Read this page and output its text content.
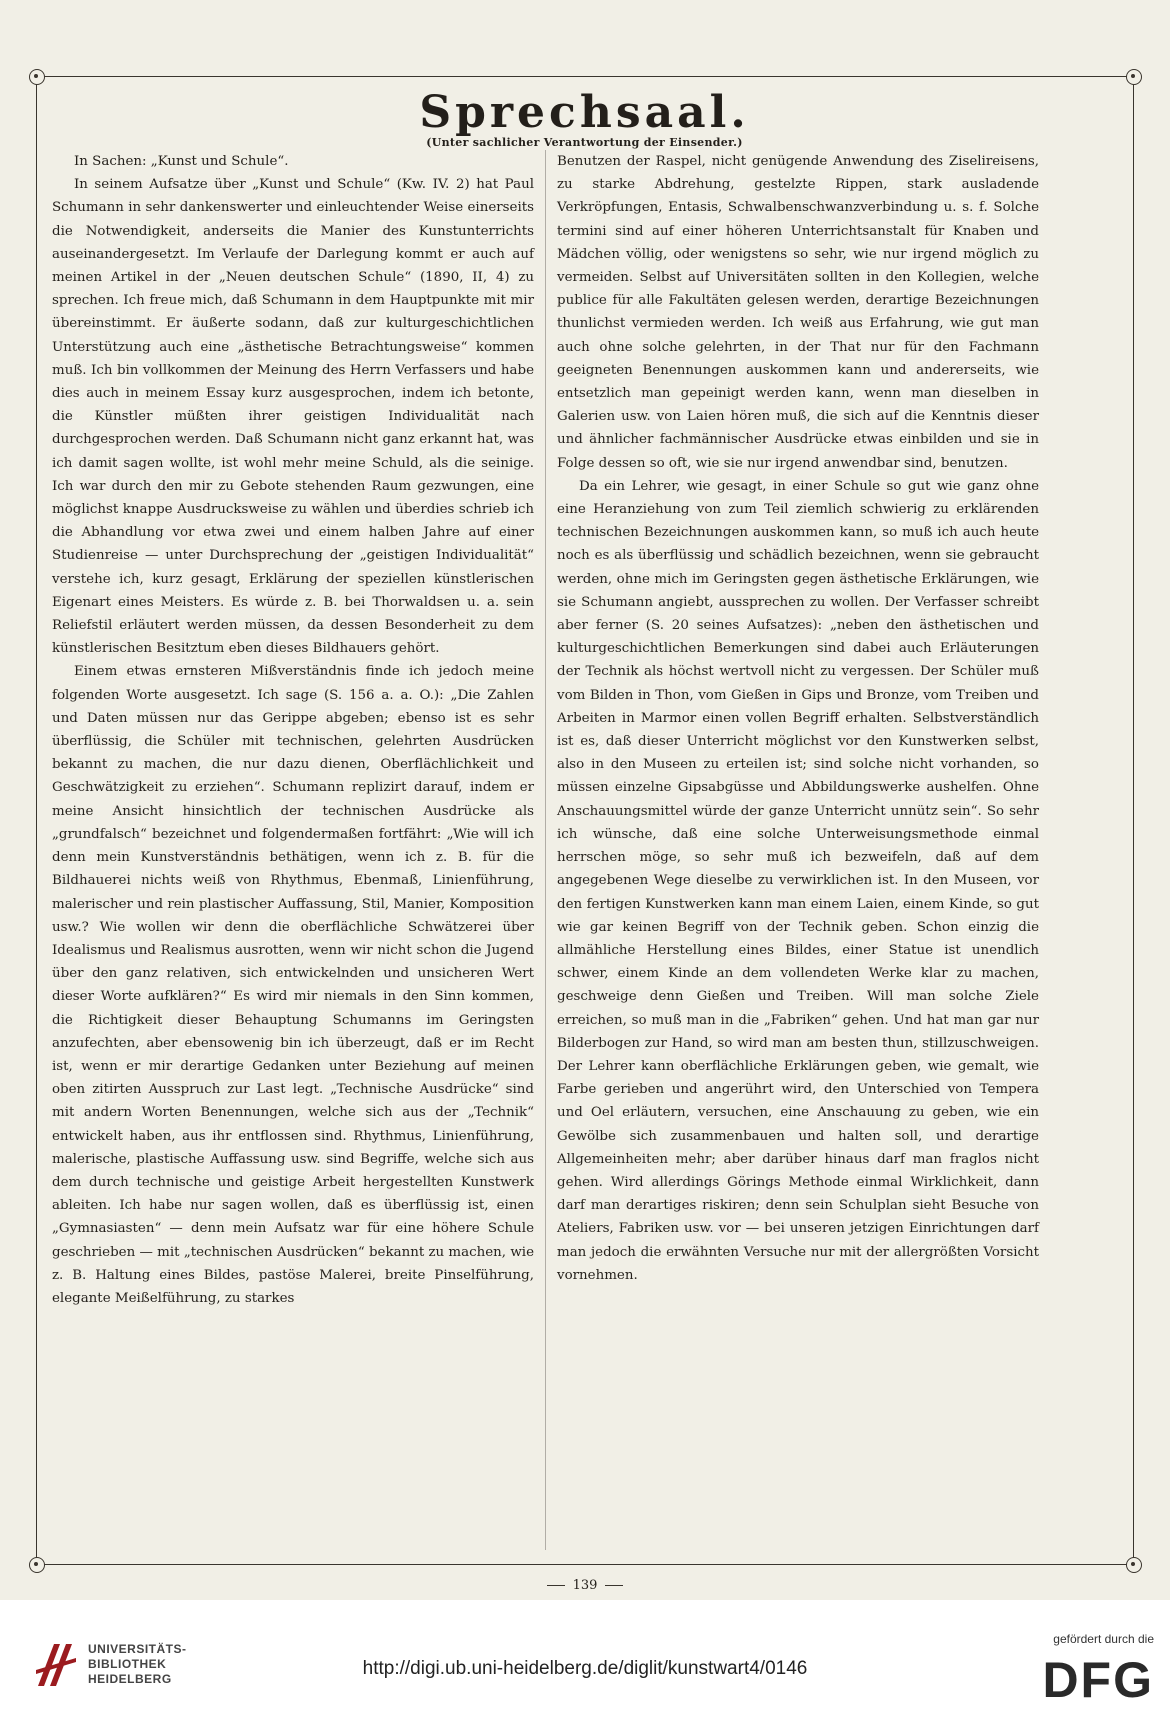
Sprechsaal.
(Unter sachlicher Verantwortung der Einsender.)

In Sachen: „Kunst und Schule“.

In seinem Aufsatze über „Kunst und Schule“ (Kw. IV. 2) hat Paul Schumann in sehr dankenswerter und einleuchtender Weise einerseits die Notwendigkeit, anderseits die Manier des Kunstunterrichts auseinandergesetzt. Im Verlaufe der Darlegung kommt er auch auf meinen Artikel in der „Neuen deutschen Schule“ (1890, II, 4) zu sprechen. Ich freue mich, daß Schumann in dem Hauptpunkte mit mir übereinstimmt. Er äußerte sodann, daß zur kulturgeschichtlichen Unterstützung auch eine „ästhetische Betrachtungsweise“ kommen muß. Ich bin vollkommen der Meinung des Herrn Verfassers und habe dies auch in meinem Essay kurz ausgesprochen, indem ich betonte, die Künstler müßten ihrer geistigen Individualität nach durchgesprochen werden. Daß Schumann nicht ganz erkannt hat, was ich damit sagen wollte, ist wohl mehr meine Schuld, als die seinige. Ich war durch den mir zu Gebote stehenden Raum gezwungen, eine möglichst knappe Ausdrucksweise zu wählen und überdies schrieb ich die Abhandlung vor etwa zwei und einem halben Jahre auf einer Studienreise — unter Durchsprechung der „geistigen Individualität“ verstehe ich, kurz gesagt, Erklärung der speziellen künstlerischen Eigenart eines Meisters. Es würde z. B. bei Thorwaldsen u. a. sein Reliefstil erläutert werden müssen, da dessen Besonderheit zu dem künstlerischen Besitztum eben dieses Bildhauers gehört.

Einem etwas ernsteren Mißverständnis finde ich jedoch meine folgenden Worte ausgesetzt. Ich sage (S. 156 a. a. O.): „Die Zahlen und Daten müssen nur das Gerippe abgeben; ebenso ist es sehr überflüssig, die Schüler mit technischen, gelehrten Ausdrücken bekannt zu machen, die nur dazu dienen, Oberflächlichkeit und Geschwätzigkeit zu erziehen“. Schumann replizirt darauf, indem er meine Ansicht hinsichtlich der technischen Ausdrücke als „grundfalsch“ bezeichnet und folgendermaßen fortfährt: „Wie will ich denn mein Kunstverständnis bethätigen, wenn ich z. B. für die Bildhauerei nichts weiß von Rhythmus, Ebenmaß, Linienführung, malerischer und rein plastischer Auffassung, Stil, Manier, Komposition usw.? Wie wollen wir denn die oberflächliche Schwätzerei über Idealismus und Realismus ausrotten, wenn wir nicht schon die Jugend über den ganz relativen, sich entwickelnden und unsicheren Wert dieser Worte aufklären?“ Es wird mir niemals in den Sinn kommen, die Richtigkeit dieser Behauptung Schumanns im Geringsten anzufechten, aber ebensowenig bin ich überzeugt, daß er im Recht ist, wenn er mir derartige Gedanken unter Beziehung auf meinen oben zitirten Ausspruch zur Last legt. „Technische Ausdrücke“ sind mit andern Worten Benennungen, welche sich aus der „Technik“ entwickelt haben, aus ihr entflossen sind. Rhythmus, Linienführung, malerische, plastische Auffassung usw. sind Begriffe, welche sich aus dem durch technische und geistige Arbeit hergestellten Kunstwerk ableiten. Ich habe nur sagen wollen, daß es überflüssig ist, einen „Gymnasiasten“ — denn mein Aufsatz war für eine höhere Schule geschrieben — mit „technischen Ausdrücken“ bekannt zu machen, wie z. B. Haltung eines Bildes, pastöse Malerei, breite Pinselführung, elegante Meißelführung, zu starkes

Benutzen der Raspel, nicht genügende Anwendung des Ziselireisens, zu starke Abdrehung, gestelzte Rippen, stark ausladende Verkröpfungen, Entasis, Schwalbenschwanzverbindung u. s. f. Solche termini sind auf einer höheren Unterrichtsanstalt für Knaben und Mädchen völlig, oder wenigstens so sehr, wie nur irgend möglich zu vermeiden. Selbst auf Universitäten sollten in den Kollegien, welche publice für alle Fakultäten gelesen werden, derartige Bezeichnungen thunlichst vermieden werden. Ich weiß aus Erfahrung, wie gut man auch ohne solche gelehrten, in der That nur für den Fachmann geeigneten Benennungen auskommen kann und andererseits, wie entsetzlich man gepeinigt werden kann, wenn man dieselben in Galerien usw. von Laien hören muß, die sich auf die Kenntnis dieser und ähnlicher fachmännischer Ausdrücke etwas einbilden und sie in Folge dessen so oft, wie sie nur irgend anwendbar sind, benutzen.

Da ein Lehrer, wie gesagt, in einer Schule so gut wie ganz ohne eine Heranziehung von zum Teil ziemlich schwierig zu erklärenden technischen Bezeichnungen auskommen kann, so muß ich auch heute noch es als überflüssig und schädlich bezeichnen, wenn sie gebraucht werden, ohne mich im Geringsten gegen ästhetische Erklärungen, wie sie Schumann angiebt, aussprechen zu wollen. Der Verfasser schreibt aber ferner (S. 20 seines Aufsatzes): „neben den ästhetischen und kulturgeschichtlichen Bemerkungen sind dabei auch Erläuterungen der Technik als höchst wertvoll nicht zu vergessen. Der Schüler muß vom Bilden in Thon, vom Gießen in Gips und Bronze, vom Treiben und Arbeiten in Marmor einen vollen Begriff erhalten. Selbstverständlich ist es, daß dieser Unterricht möglichst vor den Kunstwerken selbst, also in den Museen zu erteilen ist; sind solche nicht vorhanden, so müssen einzelne Gipsabgüsse und Abbildungswerke aushelfen. Ohne Anschauungsmittel würde der ganze Unterricht unnütz sein“. So sehr ich wünsche, daß eine solche Unterweisungsmethode einmal herrschen möge, so sehr muß ich bezweifeln, daß auf dem angegebenen Wege dieselbe zu verwirklichen ist. In den Museen, vor den fertigen Kunstwerken kann man einem Laien, einem Kinde, so gut wie gar keinen Begriff von der Technik geben. Schon einzig die allmähliche Herstellung eines Bildes, einer Statue ist unendlich schwer, einem Kinde an dem vollendeten Werke klar zu machen, geschweige denn Gießen und Treiben. Will man solche Ziele erreichen, so muß man in die „Fabriken“ gehen. Und hat man gar nur Bilderbogen zur Hand, so wird man am besten thun, stillzuschweigen. Der Lehrer kann oberflächliche Erklärungen geben, wie gemalt, wie Farbe gerieben und angerührt wird, den Unterschied von Tempera und Oel erläutern, versuchen, eine Anschauung zu geben, wie ein Gewölbe sich zusammenbauen und halten soll, und derartige Allgemeinheiten mehr; aber darüber hinaus darf man fraglos nicht gehen. Wird allerdings Görings Methode einmal Wirklichkeit, dann darf man derartiges riskiren; denn sein Schulplan sieht Besuche von Ateliers, Fabriken usw. vor — bei unseren jetzigen Einrichtungen darf man jedoch die erwähnten Versuche nur mit der allergrößten Vorsicht vornehmen.

139
UNIVERSITÄTS-
BIBLIOTHEK
HEIDELBERG	http://digi.ub.uni-heidelberg.de/diglit/kunstwart4/0146
gefördert durch die
DFG
